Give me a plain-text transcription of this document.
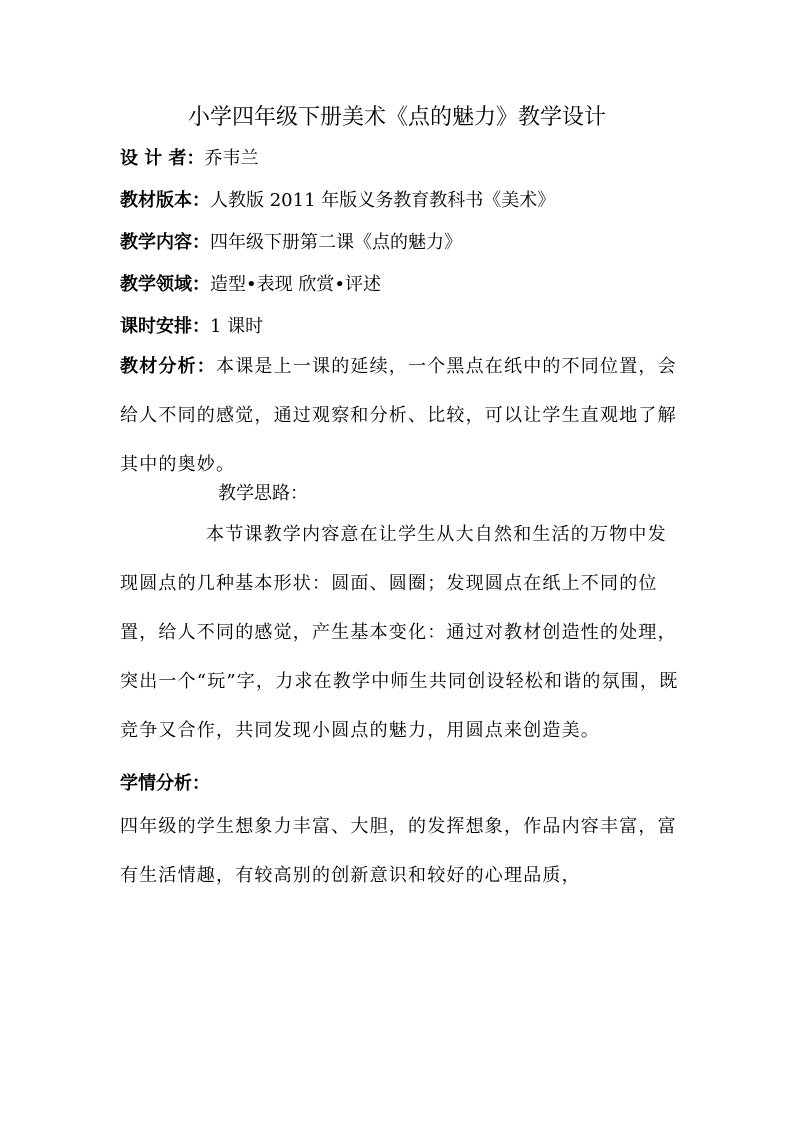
小学四年级下册美术《点的魅力》教学设计
设 计 者：乔韦兰
教材版本：人教版 2011 年版义务教育教科书《美术》
教学内容：四年级下册第二课《点的魅力》
教学领域：造型•表现 欣赏•评述
课时安排：1 课时
教材分析：本课是上一课的延续，一个黑点在纸中的不同位置，会给人不同的感觉，通过观察和分析、比较，可以让学生直观地了解其中的奥妙。
教学思路：
本节课教学内容意在让学生从大自然和生活的万物中发现圆点的几种基本形状：圆面、圆圈；发现圆点在纸上不同的位置，给人不同的感觉，产生基本变化：通过对教材创造性的处理，突出一个“玩”字，力求在教学中师生共同创设轻松和谐的氛围，既竞争又合作，共同发现小圆点的魅力，用圆点来创造美。
学情分析：
四年级的学生想象力丰富、大胆，的发挥想象，作品内容丰富，富有生活情趣，有较高别的创新意识和较好的心理品质，
